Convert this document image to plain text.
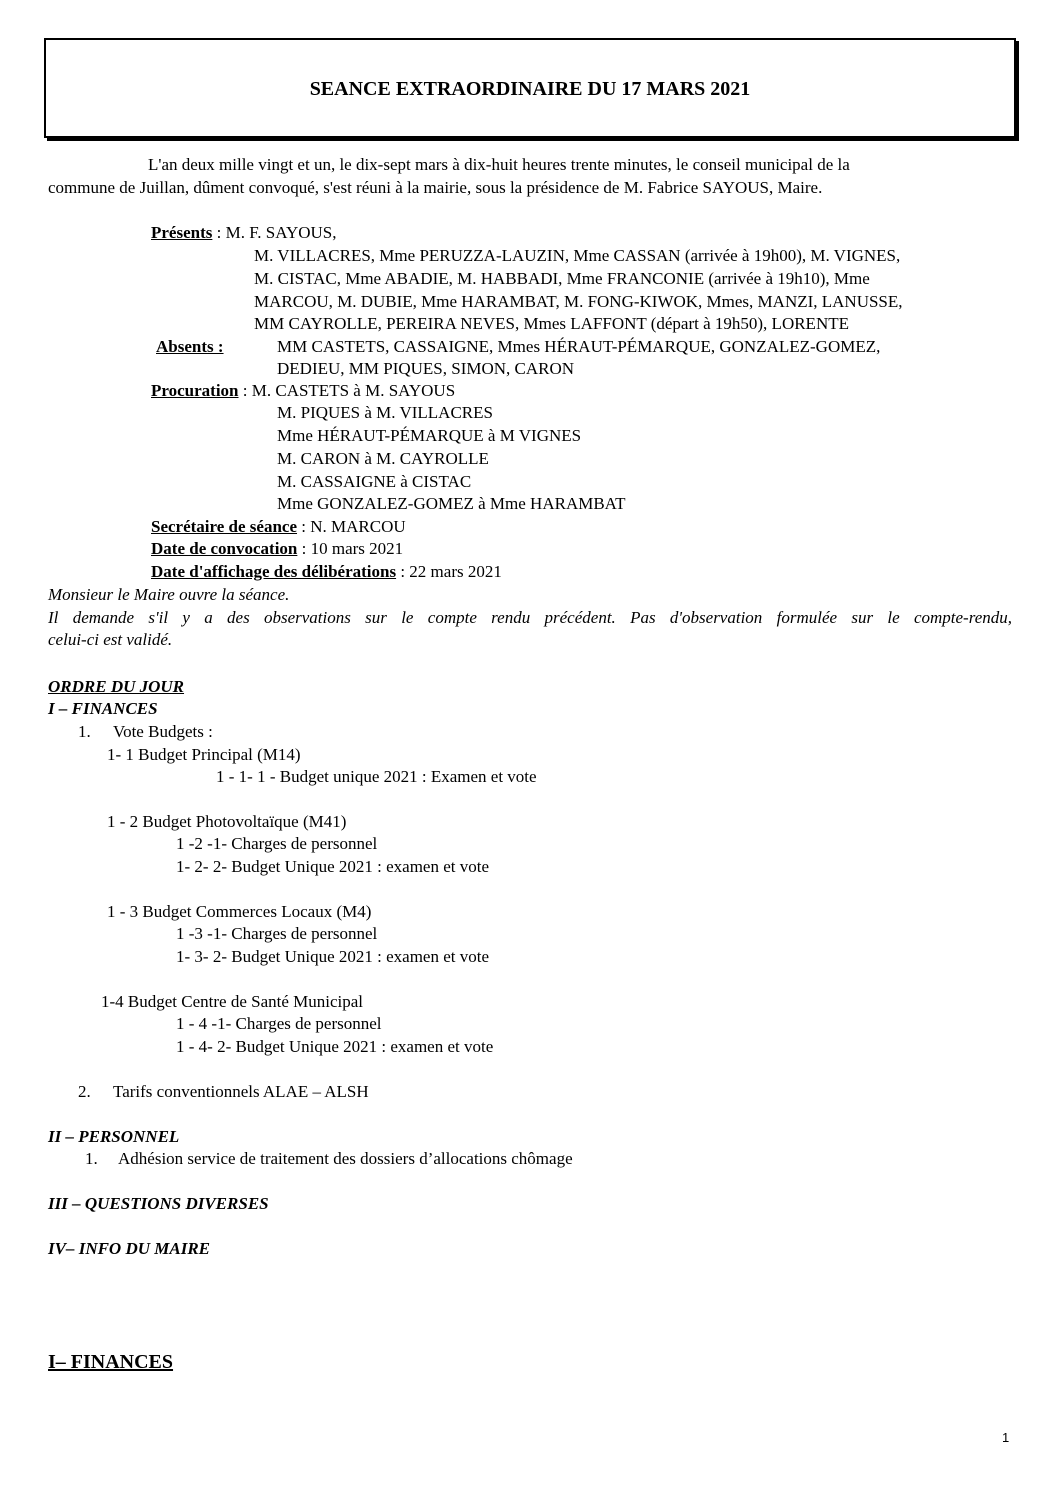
SEANCE EXTRAORDINAIRE DU 17 MARS 2021
L'an deux mille vingt et un, le dix-sept mars à dix-huit heures trente minutes, le conseil municipal de la
commune de Juillan, dûment convoqué, s'est réuni à la mairie, sous la présidence de M. Fabrice SAYOUS, Maire.
Présents : M. F. SAYOUS,
M. VILLACRES, Mme PERUZZA-LAUZIN, Mme CASSAN (arrivée à 19h00), M. VIGNES,
M. CISTAC, Mme ABADIE, M. HABBADI, Mme FRANCONIE (arrivée à 19h10), Mme
MARCOU, M. DUBIE, Mme HARAMBAT, M. FONG-KIWOK, Mmes, MANZI, LANUSSE,
MM CAYROLLE, PEREIRA NEVES, Mmes LAFFONT (départ à 19h50), LORENTE
Absents :	MM CASTETS, CASSAIGNE, Mmes HÉRAUT-PÉMARQUE, GONZALEZ-GOMEZ,
DEDIEU, MM PIQUES, SIMON, CARON
Procuration : M. CASTETS à M. SAYOUS
M. PIQUES à M. VILLACRES
Mme HÉRAUT-PÉMARQUE à M VIGNES
M. CARON à M. CAYROLLE
M. CASSAIGNE à CISTAC
Mme GONZALEZ-GOMEZ à Mme HARAMBAT
Secrétaire de séance : N. MARCOU
Date de convocation : 10 mars 2021
Date d'affichage des délibérations : 22 mars 2021
Monsieur le Maire ouvre la séance.
Il demande s'il y a des observations sur le compte rendu précédent. Pas d'observation formulée sur le compte-rendu,
celui-ci est validé.
ORDRE DU JOUR
I – FINANCES
1. Vote Budgets :
1- 1 Budget Principal (M14)
1 - 1- 1 - Budget unique 2021 : Examen et vote
1 - 2 Budget Photovoltaïque (M41)
1 -2 -1- Charges de personnel
1- 2- 2- Budget Unique 2021 : examen et vote
1 - 3 Budget Commerces Locaux (M4)
1 -3 -1- Charges de personnel
1- 3- 2- Budget Unique 2021 : examen et vote
1-4 Budget Centre de Santé Municipal
1 - 4 -1- Charges de personnel
1 - 4- 2- Budget Unique 2021 : examen et vote
2. Tarifs conventionnels ALAE – ALSH
II – PERSONNEL
1. Adhésion service de traitement des dossiers d’allocations chômage
III – QUESTIONS DIVERSES
IV– INFO DU MAIRE
I– FINANCES
1
